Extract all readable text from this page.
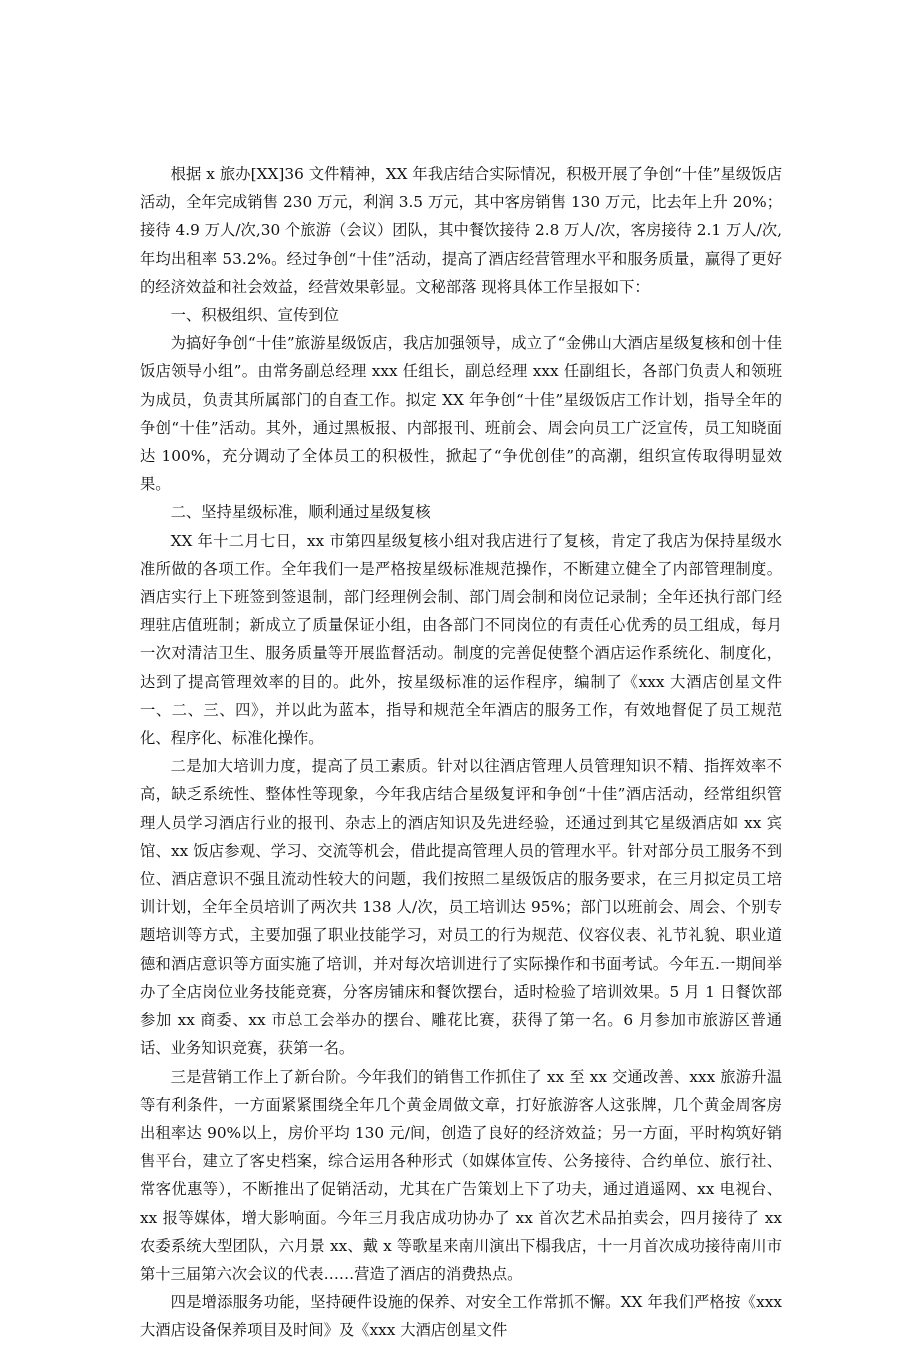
根据 x 旅办[XX]36 文件精神，XX 年我店结合实际情况，积极开展了争创“十佳”星级饭店活动，全年完成销售 230 万元，利润 3.5 万元，其中客房销售 130 万元，比去年上升 20%；接待 4.9 万人/次,30 个旅游（会议）团队，其中餐饮接待 2.8 万人/次，客房接待 2.1 万人/次,年均出租率 53.2%。经过争创“十佳”活动，提高了酒店经营管理水平和服务质量，赢得了更好的经济效益和社会效益，经营效果彰显。文秘部落 现将具体工作呈报如下：

一、积极组织、宣传到位

为搞好争创“十佳”旅游星级饭店，我店加强领导，成立了“金佛山大酒店星级复核和创十佳饭店领导小组”。由常务副总经理 xxx 任组长，副总经理 xxx 任副组长，各部门负责人和领班为成员，负责其所属部门的自查工作。拟定 XX 年争创“十佳”星级饭店工作计划，指导全年的争创“十佳”活动。其外，通过黑板报、内部报刊、班前会、周会向员工广泛宣传，员工知晓面达 100%，充分调动了全体员工的积极性，掀起了“争优创佳”的高潮，组织宣传取得明显效果。

二、坚持星级标准，顺利通过星级复核

XX 年十二月七日，xx 市第四星级复核小组对我店进行了复核，肯定了我店为保持星级水准所做的各项工作。全年我们一是严格按星级标准规范操作，不断建立健全了内部管理制度。酒店实行上下班签到签退制，部门经理例会制、部门周会制和岗位记录制；全年还执行部门经理驻店值班制；新成立了质量保证小组，由各部门不同岗位的有责任心优秀的员工组成，每月一次对清洁卫生、服务质量等开展监督活动。制度的完善促使整个酒店运作系统化、制度化，达到了提高管理效率的目的。此外，按星级标准的运作程序，编制了《xxx 大酒店创星文件一、二、三、四》，并以此为蓝本，指导和规范全年酒店的服务工作，有效地督促了员工规范化、程序化、标准化操作。

二是加大培训力度，提高了员工素质。针对以往酒店管理人员管理知识不精、指挥效率不高，缺乏系统性、整体性等现象，今年我店结合星级复评和争创“十佳”酒店活动，经常组织管理人员学习酒店行业的报刊、杂志上的酒店知识及先进经验，还通过到其它星级酒店如 xx 宾馆、xx 饭店参观、学习、交流等机会，借此提高管理人员的管理水平。针对部分员工服务不到位、酒店意识不强且流动性较大的问题，我们按照二星级饭店的服务要求，在三月拟定员工培训计划，全年全员培训了两次共 138 人/次，员工培训达 95%；部门以班前会、周会、个别专题培训等方式，主要加强了职业技能学习，对员工的行为规范、仪容仪表、礼节礼貌、职业道德和酒店意识等方面实施了培训，并对每次培训进行了实际操作和书面考试。今年五.一期间举办了全店岗位业务技能竞赛，分客房铺床和餐饮摆台，适时检验了培训效果。5 月 1 日餐饮部参加 xx 商委、xx 市总工会举办的摆台、雕花比赛，获得了第一名。6 月参加市旅游区普通话、业务知识竞赛，获第一名。

三是营销工作上了新台阶。今年我们的销售工作抓住了 xx 至 xx 交通改善、xxx 旅游升温等有利条件，一方面紧紧围绕全年几个黄金周做文章，打好旅游客人这张牌，几个黄金周客房出租率达 90%以上，房价平均 130 元/间，创造了良好的经济效益；另一方面，平时构筑好销售平台，建立了客史档案，综合运用各种形式（如媒体宣传、公务接待、合约单位、旅行社、常客优惠等），不断推出了促销活动，尤其在广告策划上下了功夫，通过逍遥网、xx 电视台、xx 报等媒体，增大影响面。今年三月我店成功协办了 xx 首次艺术品拍卖会，四月接待了 xx 农委系统大型团队，六月景 xx、戴 x 等歌星来南川演出下榻我店，十一月首次成功接待南川市第十三届第六次会议的代表……营造了酒店的消费热点。

四是增添服务功能，坚持硬件设施的保养、对安全工作常抓不懈。XX 年我们严格按《xxx 大酒店设备保养项目及时间》及《xxx 大酒店创星文件
